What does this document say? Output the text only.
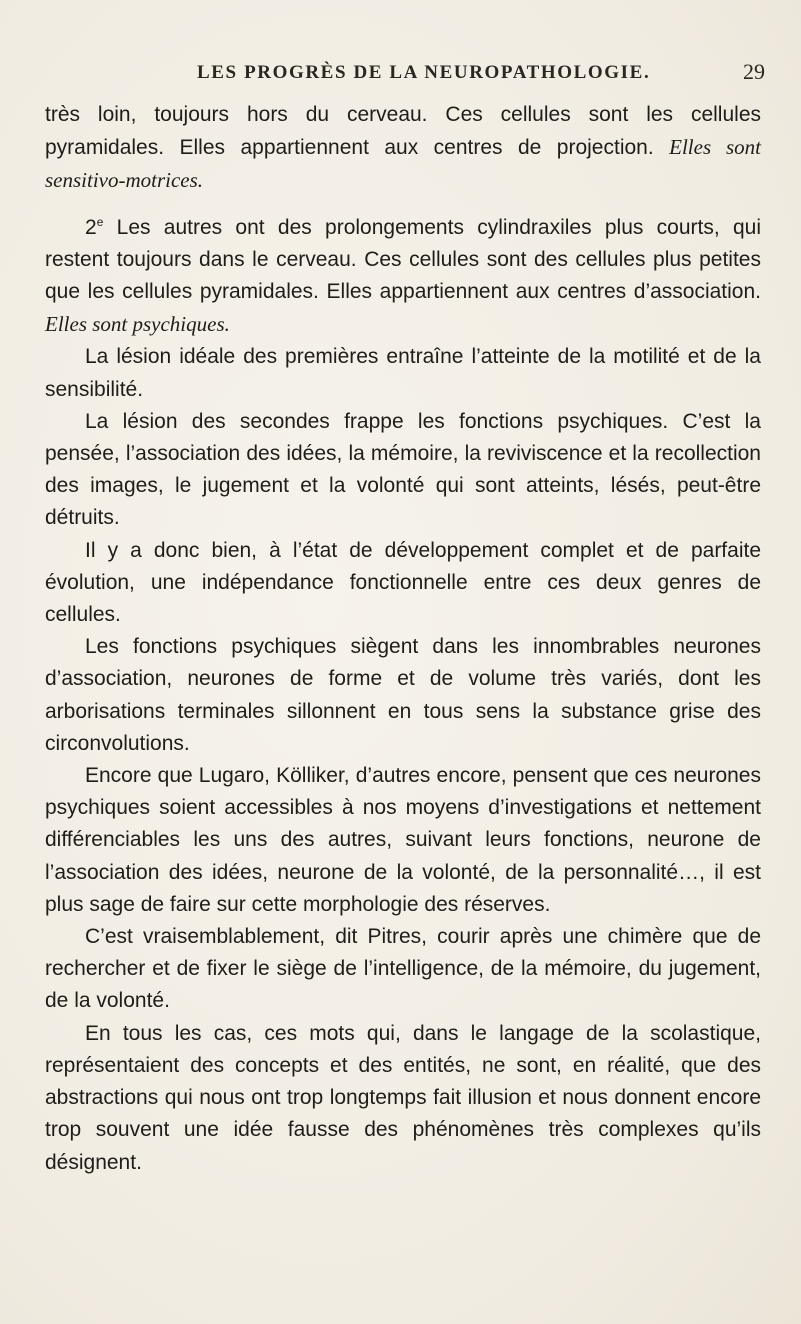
LES PROGRÈS DE LA NEUROPATHOLOGIE.	29

très loin, toujours hors du cerveau. Ces cellules sont les cellules pyramidales. Elles appartiennent aux centres de projection. Elles sont sensitivo-motrices.

2e Les autres ont des prolongements cylindraxiles plus courts, qui restent toujours dans le cerveau. Ces cellules sont des cellules plus petites que les cellules pyramidales. Elles appartiennent aux centres d’association. Elles sont psychiques.

La lésion idéale des premières entraîne l’atteinte de la motilité et de la sensibilité.

La lésion des secondes frappe les fonctions psychiques. C’est la pensée, l’association des idées, la mémoire, la reviviscence et la recollection des images, le jugement et la volonté qui sont atteints, lésés, peut-être détruits.

Il y a donc bien, à l’état de développement complet et de parfaite évolution, une indépendance fonctionnelle entre ces deux genres de cellules.

Les fonctions psychiques siègent dans les innombrables neurones d’association, neurones de forme et de volume très variés, dont les arborisations terminales sillonnent en tous sens la substance grise des circonvolutions.

Encore que Lugaro, Kölliker, d’autres encore, pensent que ces neurones psychiques soient accessibles à nos moyens d’investigations et nettement différenciables les uns des autres, suivant leurs fonctions, neurone de l’association des idées, neurone de la volonté, de la personnalité…, il est plus sage de faire sur cette morphologie des réserves.

C’est vraisemblablement, dit Pitres, courir après une chimère que de rechercher et de fixer le siège de l’intelligence, de la mémoire, du jugement, de la volonté.

En tous les cas, ces mots qui, dans le langage de la scolastique, représentaient des concepts et des entités, ne sont, en réalité, que des abstractions qui nous ont trop longtemps fait illusion et nous donnent encore trop souvent une idée fausse des phénomènes très complexes qu’ils désignent.
